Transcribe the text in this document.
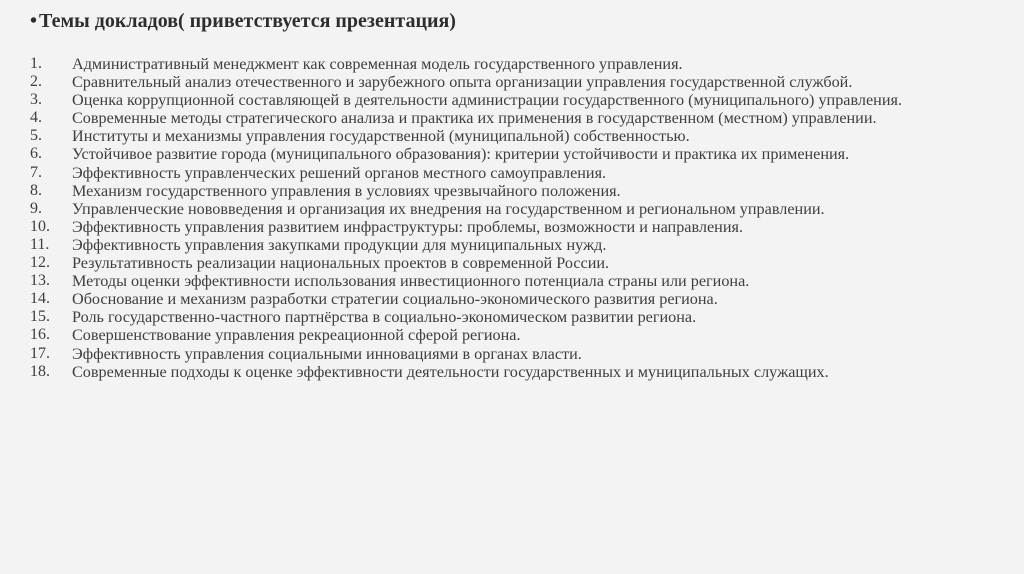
• Темы докладов( приветствуется презентация)
1.	Административный менеджмент как современная модель государственного управления.
2.	Сравнительный анализ отечественного и зарубежного опыта организации управления государственной службой.
3.	Оценка коррупционной составляющей в деятельности администрации государственного (муниципального) управления.
4.	Современные методы стратегического анализа и практика их применения в государственном (местном) управлении.
5.	Институты и механизмы управления государственной (муниципальной) собственностью.
6.	Устойчивое развитие города (муниципального образования): критерии устойчивости и практика их применения.
7.	Эффективность управленческих решений органов местного самоуправления.
8.	Механизм государственного управления в условиях чрезвычайного положения.
9.	Управленческие нововведения и организация их внедрения на государственном и региональном управлении.
10.	Эффективность управления развитием инфраструктуры: проблемы, возможности и направления.
11.	Эффективность управления закупками продукции для муниципальных нужд.
12.	Результативность реализации национальных проектов в современной России.
13.	Методы оценки эффективности использования инвестиционного потенциала страны или региона.
14.	Обоснование и механизм разработки стратегии социально-экономического развития региона.
15.	Роль государственно-частного партнёрства в социально-экономическом развитии региона.
16.	Совершенствование управления рекреационной сферой региона.
17.	Эффективность управления социальными инновациями в органах власти.
18.	Современные подходы к оценке эффективности деятельности государственных и муниципальных служащих.
